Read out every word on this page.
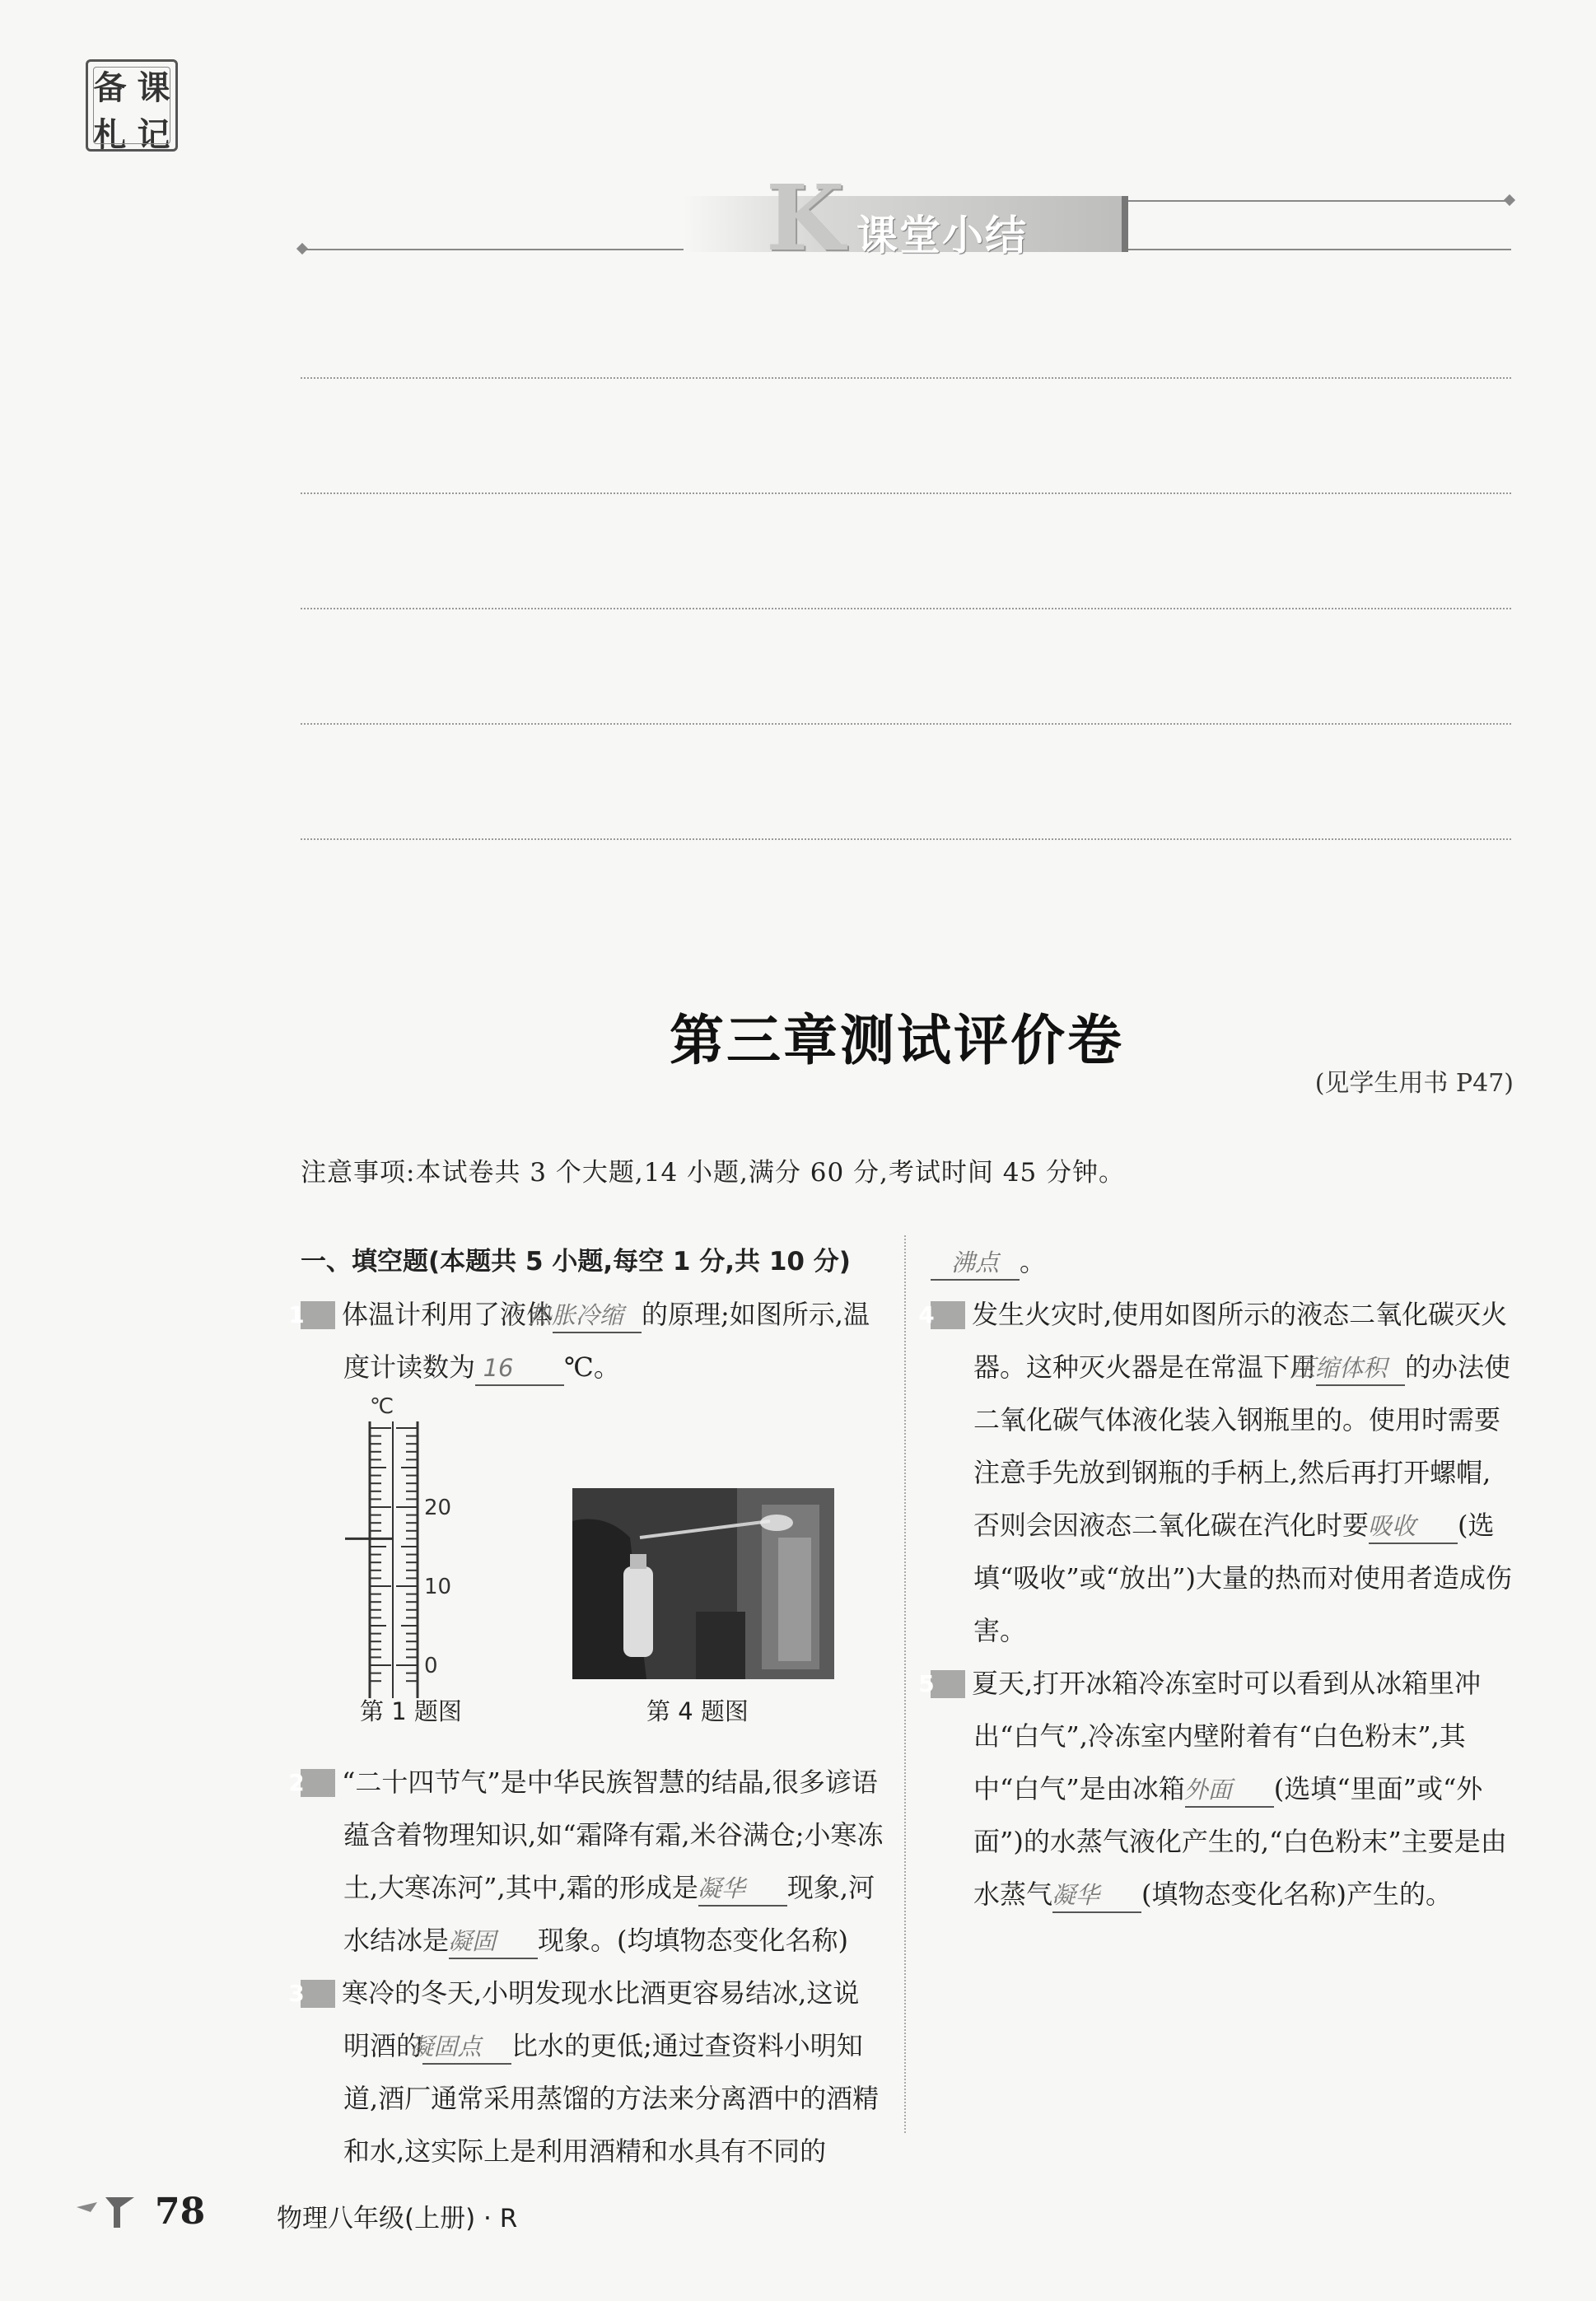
备 课
札 记
K 课堂小结
第三章测试评价卷
(见学生用书 P47)
注意事项:本试卷共 3 个大题,14 小题,满分 60 分,考试时间 45 分钟。

一、填空题(本题共 5 小题,每空 1 分,共 10 分)

1 体温计利用了液体热胀冷缩 的原理;如图所示,温度计读数为 16 ℃。

℃
20
10
0
第 1 题图	第 4 题图

2 “二十四节气”是中华民族智慧的结晶,很多谚语蕴含着物理知识,如“霜降有霜,米谷满仓;小寒冻土,大寒冻河”,其中,霜的形成是凝华 现象,河水结冰是凝固 现象。(均填物态变化名称)

3 寒冷的冬天,小明发现水比酒更容易结冰,这说明酒的凝固点 比水的更低;通过查资料小明知道,酒厂通常采用蒸馏的方法来分离酒中的酒精和水,这实际上是利用酒精和水具有不同的

沸点 。

4 发生火灾时,使用如图所示的液态二氧化碳灭火器。这种灭火器是在常温下用压缩体积 的办法使二氧化碳气体液化装入钢瓶里的。使用时需要注意手先放到钢瓶的手柄上,然后再打开螺帽,否则会因液态二氧化碳在汽化时要吸收 (选填“吸收”或“放出”)大量的热而对使用者造成伤害。

5 夏天,打开冰箱冷冻室时可以看到从冰箱里冲出“白气”,冷冻室内壁附着有“白色粉末”,其中“白气”是由冰箱外面 (选填“里面”或“外面”)的水蒸气液化产生的,“白色粉末”主要是由水蒸气凝华 (填物态变化名称)产生的。

78	物理八年级(上册) · R
